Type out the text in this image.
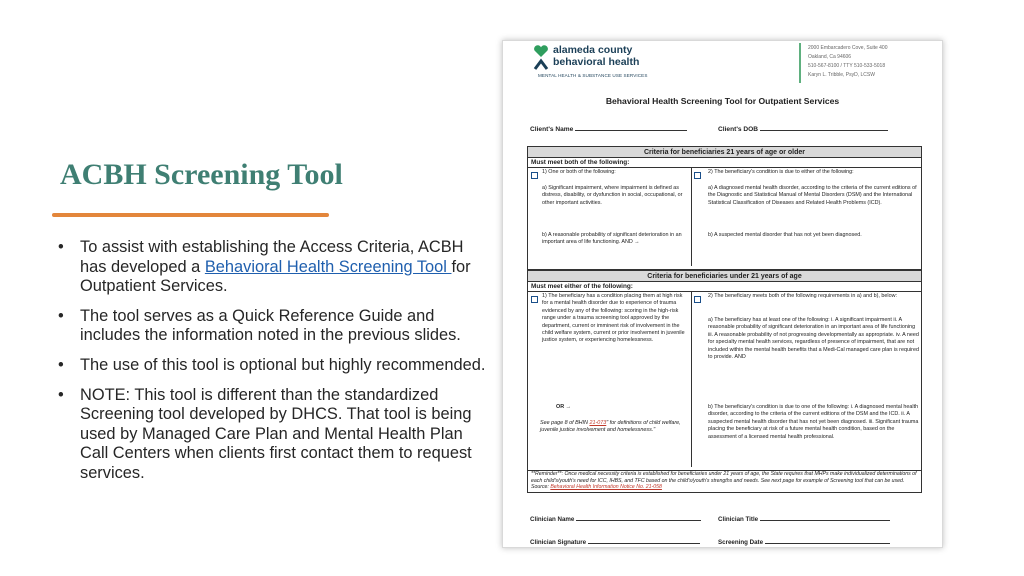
ACBH Screening Tool
• To assist with establishing the Access Criteria, ACBH has developed a Behavioral Health Screening Tool for Outpatient Services.
• The tool serves as a Quick Reference Guide and includes the information noted in the previous slides.
• The use of this tool is optional but highly recommended.
• NOTE: This tool is different than the standardized Screening tool developed by DHCS. That tool is being used by Managed Care Plan and Mental Health Plan Call Centers when clients first contact them to request services.
alameda county
behavioral health
MENTAL HEALTH & SUBSTANCE USE SERVICES
2000 Embarcadero Cove, Suite 400
Oakland, Ca 94606
510-567-8100 / TTY 510-533-5018
Karyn L. Tribble, PsyD, LCSW
Behavioral Health Screening Tool for Outpatient Services
Client's Name	Client's DOB
Criteria for beneficiaries 21 years of age or older
Must meet both of the following:
1) One or both of the following:
a) Significant impairment, where impairment is defined as distress, disability, or dysfunction in social, occupational, or other important activities.
b) A reasonable probability of significant deterioration in an important area of life functioning. AND →
2) The beneficiary's condition is due to either of the following:
a) A diagnosed mental health disorder, according to the criteria of the current editions of the Diagnostic and Statistical Manual of Mental Disorders (DSM) and the International Statistical Classification of Diseases and Related Health Problems (ICD).
b) A suspected mental disorder that has not yet been diagnosed.
Criteria for beneficiaries under 21 years of age
Must meet either of the following:
1) The beneficiary has a condition placing them at high risk for a mental health disorder due to experience of trauma evidenced by any of the following: scoring in the high-risk range under a trauma screening tool approved by the department, current or imminent risk of involvement in the child welfare system, current or prior involvement in juvenile justice system, or experiencing homelessness.
OR →
See page 8 of BHIN 21-073" for definitions of child welfare, juvenile justice involvement and homelessness."
2) The beneficiary meets both of the following requirements in a) and b), below:
a) The beneficiary has at least one of the following: i. A significant impairment ii. A reasonable probability of significant deterioration in an important area of life functioning iii. A reasonable probability of not progressing developmentally as appropriate. iv. A need for specialty mental health services, regardless of presence of impairment, that are not included within the mental health benefits that a Medi-Cal managed care plan is required to provide. AND
b) The beneficiary's condition is due to one of the following: i. A diagnosed mental health disorder, according to the criteria of the current editions of the DSM and the ICD. ii. A suspected mental health disorder that has not yet been diagnosed. iii. Significant trauma placing the beneficiary at risk of a future mental health condition, based on the assessment of a licensed mental health professional.
**Reminder**: Once medical necessity criteria is established for beneficiaries under 21 years of age, the State requires that MHPs make individualized determinations of each child's/youth's need for ICC, IHBS, and TFC based on the child's/youth's strengths and needs. See next page for example of Screening tool that can be used. Source: Behavioral Health Information Notice No. 21-058
Clinician Name	Clinician Title
Clinician Signature	Screening Date
